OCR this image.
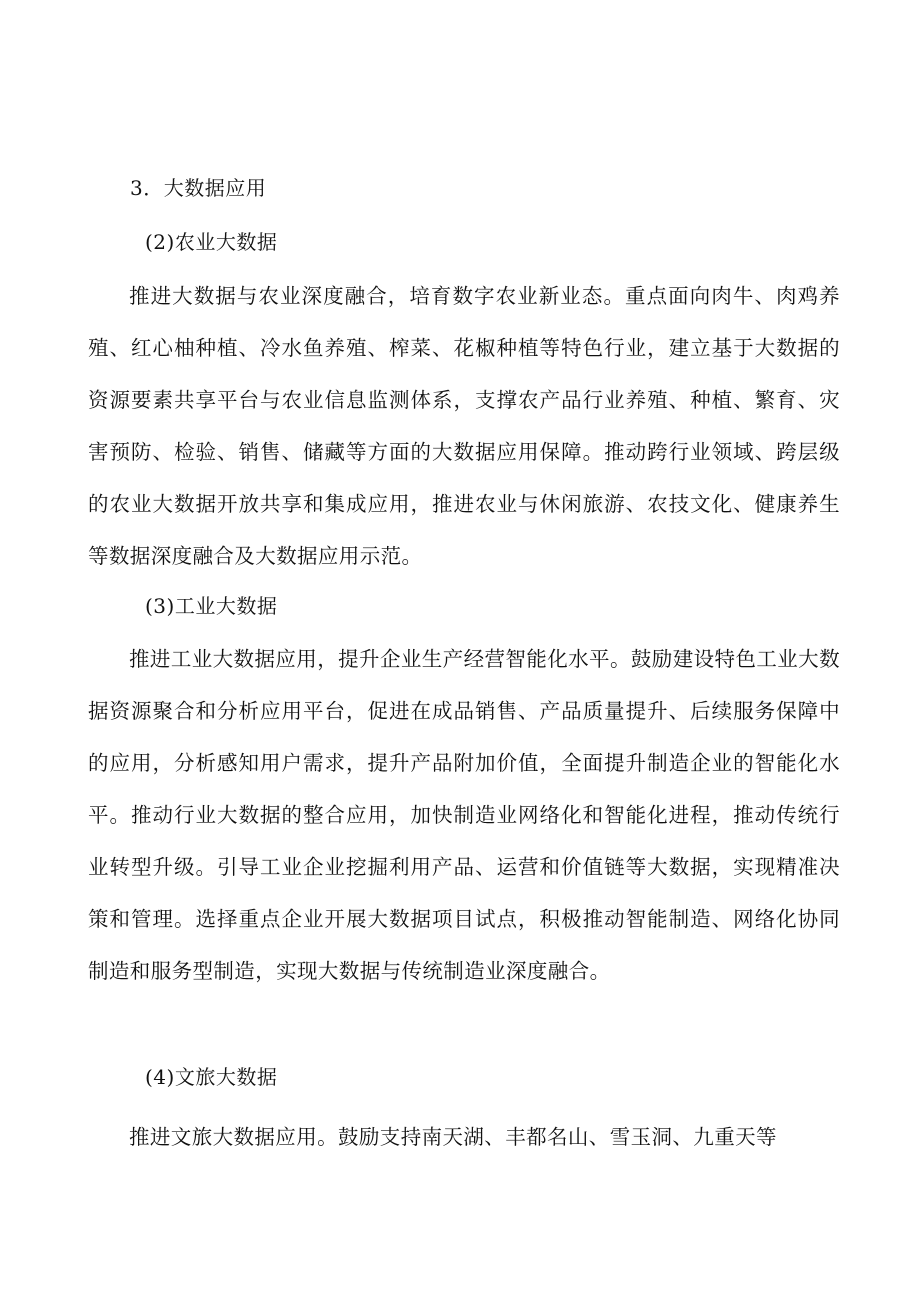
3．大数据应用
(2)农业大数据
推进大数据与农业深度融合，培育数字农业新业态。重点面向肉牛、肉鸡养殖、红心柚种植、冷水鱼养殖、榨菜、花椒种植等特色行业，建立基于大数据的资源要素共享平台与农业信息监测体系，支撑农产品行业养殖、种植、繁育、灾害预防、检验、销售、储藏等方面的大数据应用保障。推动跨行业领域、跨层级的农业大数据开放共享和集成应用，推进农业与休闲旅游、农技文化、健康养生等数据深度融合及大数据应用示范。
(3)工业大数据
推进工业大数据应用，提升企业生产经营智能化水平。鼓励建设特色工业大数据资源聚合和分析应用平台，促进在成品销售、产品质量提升、后续服务保障中的应用，分析感知用户需求，提升产品附加价值，全面提升制造企业的智能化水平。推动行业大数据的整合应用，加快制造业网络化和智能化进程，推动传统行业转型升级。引导工业企业挖掘利用产品、运营和价值链等大数据，实现精准决策和管理。选择重点企业开展大数据项目试点，积极推动智能制造、网络化协同制造和服务型制造，实现大数据与传统制造业深度融合。
(4)文旅大数据
推进文旅大数据应用。鼓励支持南天湖、丰都名山、雪玉洞、九重天等
